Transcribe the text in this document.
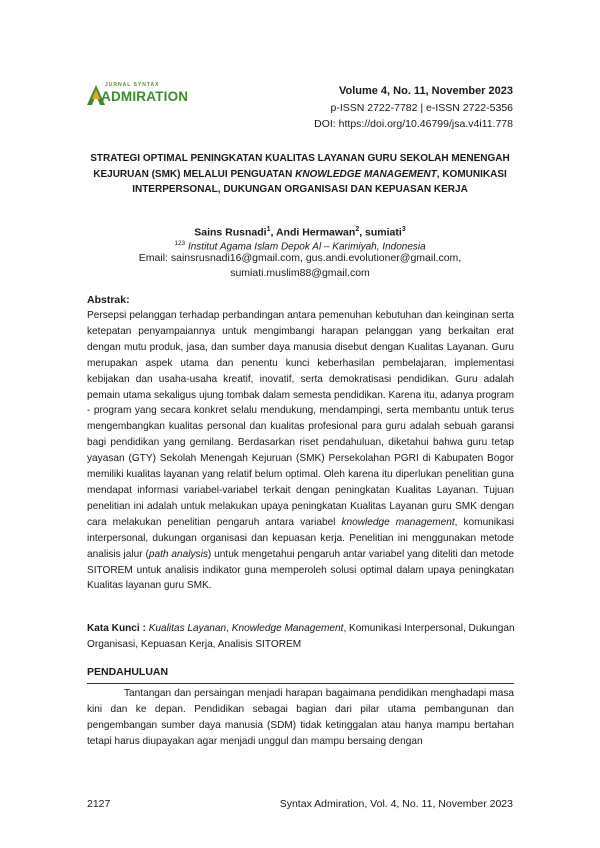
JURNAL SYNTAX
ADMIRATION	Volume 4, No. 11, November 2023
p-ISSN 2722-7782 | e-ISSN 2722-5356
DOI: https://doi.org/10.46799/jsa.v4i11.778
STRATEGI OPTIMAL PENINGKATAN KUALITAS LAYANAN GURU SEKOLAH MENENGAH
KEJURUAN (SMK) MELALUI PENGUATAN KNOWLEDGE MANAGEMENT, KOMUNIKASI
INTERPERSONAL, DUKUNGAN ORGANISASI DAN KEPUASAN KERJA
Sains Rusnadi$^1$, Andi Hermawan$^2$, sumiati$^3$
$^{123}$ Institut Agama Islam Depok Al – Karimiyah, Indonesia
Email: sainsrusnadi16@gmail.com, gus.andi.evolutioner@gmail.com,
sumiati.muslim88@gmail.com
Abstrak:

Persepsi pelanggan terhadap perbandingan antara pemenuhan kebutuhan dan keinginan serta ketepatan penyampaiannya untuk mengimbangi harapan pelanggan yang berkaitan erat dengan mutu produk, jasa, dan sumber daya manusia disebut dengan Kualitas Layanan. Guru merupakan aspek utama dan penentu kunci keberhasilan pembelajaran, implementasi kebijakan dan usaha-usaha kreatif, inovatif, serta demokratisasi pendidikan. Guru adalah pemain utama sekaligus ujung tombak dalam semesta pendidikan. Karena itu, adanya program - program yang secara konkret selalu mendukung, mendampingi, serta membantu untuk terus mengembangkan kualitas personal dan kualitas profesional para guru adalah sebuah garansi bagi pendidikan yang gemilang. Berdasarkan riset pendahuluan, diketahui bahwa guru tetap yayasan (GTY) Sekolah Menengah Kejuruan (SMK) Persekolahan PGRI di Kabupaten Bogor memiliki kualitas layanan yang relatif belum optimal. Oleh karena itu diperlukan penelitian guna mendapat informasi variabel-variabel terkait dengan peningkatan Kualitas Layanan. Tujuan penelitian ini adalah untuk melakukan upaya peningkatan Kualitas Layanan guru SMK dengan cara melakukan penelitian pengaruh antara variabel knowledge management, komunikasi interpersonal, dukungan organisasi dan kepuasan kerja. Penelitian ini menggunakan metode analisis jalur (path analysis) untuk mengetahui pengaruh antar variabel yang diteliti dan metode SITOREM untuk analisis indikator guna memperoleh solusi optimal dalam upaya peningkatan Kualitas layanan guru SMK.

Kata Kunci : Kualitas Layanan, Knowledge Management, Komunikasi Interpersonal, Dukungan Organisasi, Kepuasan Kerja, Analisis SITOREM

PENDAHULUAN

Tantangan dan persaingan menjadi harapan bagaimana pendidikan menghadapi masa kini dan ke depan. Pendidikan sebagai bagian dari pilar utama pembangunan dan pengembangan sumber daya manusia (SDM) tidak ketinggalan atau hanya mampu bertahan tetapi harus diupayakan agar menjadi unggul dan mampu bersaing dengan

2127	Syntax Admiration, Vol. 4, No. 11, November 2023
